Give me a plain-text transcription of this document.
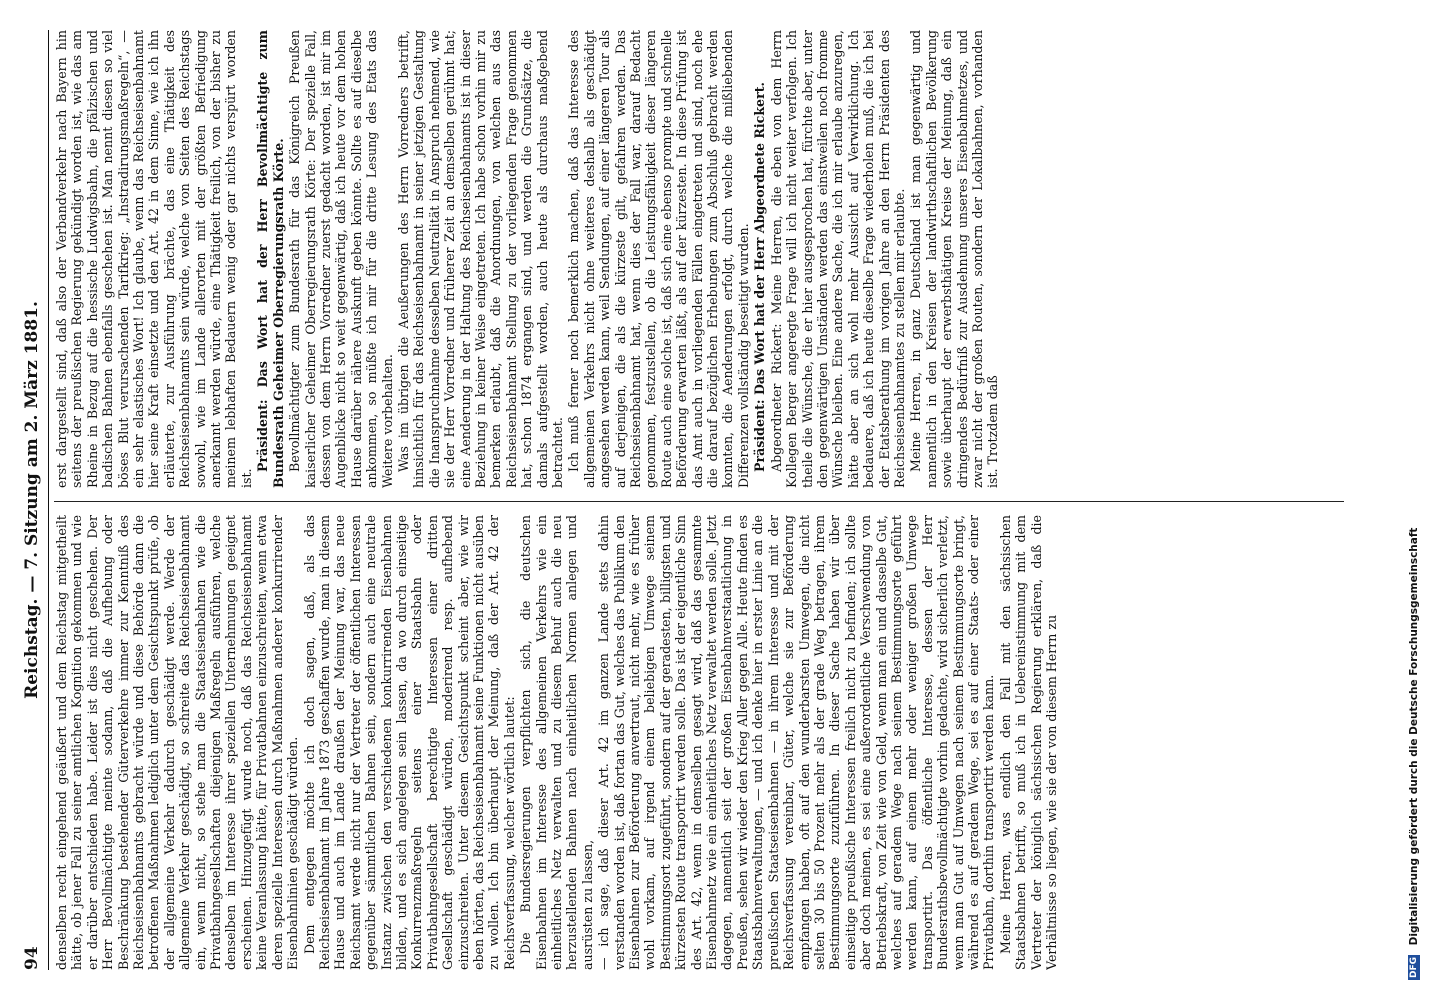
94
Reichstag. — 7. Sitzung am 2. März 1881.

denselben recht eingehend geäußert und dem Reichstag mitgetheilt hätte, ob jener Fall zu seiner amtlichen Kognition gekommen und wie er darüber entschieden habe. Leider ist dies nicht geschehen. Der Herr Bevollmächtigte meinte sodann, daß die Aufhebung oder Beschränkung bestehender Güterverkehre immer zur Kenntniß des Reichseisenbahnamts gebracht würde und diese Behörde dann die betroffenen Maßnahmen lediglich unter dem Gesichtspunkt prüfe, ob der allgemeine Verkehr dadurch geschädigt werde. Werde der allgemeine Verkehr geschädigt, so schreite das Reichseisenbahnamt ein, wenn nicht, so stehe man die Staatseisenbahnen wie die Privatbahngesellschaften diejenigen Maßregeln ausführen, welche denselben im Interesse ihrer speziellen Unternehmungen geeignet erscheinen. Hinzugefügt wurde noch, daß das Reichseisenbahnamt keine Veranlassung hätte, für Privatbahnen einzuschreiten, wenn etwa deren spezielle Interessen durch Maßnahmen anderer konkurrirender Eisenbahnlinien geschädigt würden. Dem entgegen möchte ich doch sagen, daß, als das Reichseisenbahnamt im Jahre 1873 geschaffen wurde, man in diesem Hause und auch im Lande draußen der Meinung war, das neue Reichsamt werde nicht nur der Vertreter der öffentlichen Interessen gegenüber sämmtlichen Bahnen sein, sondern auch eine neutrale Instanz zwischen den verschiedenen konkurrirenden Eisenbahnen bilden, und es sich angelegen sein lassen, da wo durch einseitige Konkurrenzmaßregeln seitens einer Staatsbahn oder Privatbahngesellschaft berechtigte Interessen einer dritten Gesellschaft geschädigt würden, moderirend resp. aufhebend einzuschreiten. Unter diesem Gesichtspunkt scheint aber, wie wir eben hörten, das Reichseisenbahnamt seine Funktionen nicht ausüben zu wollen. Ich bin überhaupt der Meinung, daß der Art. 42 der Reichsverfassung, welcher wörtlich lautet: Die Bundesregierungen verpflichten sich, die deutschen Eisenbahnen im Interesse des allgemeinen Verkehrs wie ein einheitliches Netz verwalten und zu diesem Behuf auch die neu herzustellenden Bahnen nach einheitlichen Normen anlegen und ausrüsten zu lassen, — ich sage, daß dieser Art. 42 im ganzen Lande stets dahin verstanden worden ist, daß fortan das Gut, welches das Publikum den Eisenbahnen zur Beförderung anvertraut, nicht mehr, wie es früher wohl vorkam, auf irgend einem beliebigen Umwege seinem Bestimmungsort zugeführt, sondern auf der geradesten, billigsten und kürzesten Route transportirt werden solle. Das ist der eigentliche Sinn des Art. 42, wenn in demselben gesagt wird, daß das gesammte Eisenbahnnetz wie ein einheitliches Netz verwaltet werden solle. Jetzt dagegen, namentlich seit der großen Eisenbahnverstaatlichung in Preußen, sehen wir wieder den Krieg Aller gegen Alle. Heute finden es Staatsbahnverwaltungen, — und ich denke hier in erster Linie an die preußischen Staatseisenbahnen — in ihrem Interesse und mit der Reichsverfassung vereinbar, Güter, welche sie zur Beförderung empfangen haben, oft auf den wunderbarsten Umwegen, die nicht selten 30 bis 50 Prozent mehr als der grade Weg betragen, ihrem Bestimmungsorte zuzuführen. In dieser Sache haben wir über einseitige preußische Interessen freilich nicht zu befinden; ich sollte aber doch meinen, es sei eine außerordentliche Verschwendung von Betriebskraft, von Zeit wie von Geld, wenn man ein und dasselbe Gut, welches auf geradem Wege nach seinem Bestimmungsorte geführt werden kann, auf einem mehr oder weniger großen Umwege transportirt. Das öffentliche Interesse, dessen der Herr Bundesrathsbevollmächtigte vorhin gedachte, wird sicherlich verletzt, wenn man Gut auf Umwegen nach seinem Bestimmungsorte bringt, während es auf geradem Wege, sei es auf einer Staats- oder einer Privatbahn, dorthin transportirt werden kann. Meine Herren, was endlich den Fall mit den sächsischen Staatsbahnen betrifft, so muß ich in Uebereinstimmung mit dem Vertreter der königlich sächsischen Regierung erklären, daß die Verhältnisse so liegen, wie sie der von diesem Herrn zu

erst dargestellt sind, daß also der Verbandverkehr nach Bayern hin seitens der preußischen Regierung gekündigt worden ist, wie das am Rheine in Bezug auf die hessische Ludwigsbahn, die pfälzischen und badischen Bahnen ebenfalls geschehen ist. Man nennt diesen so viel böses Blut verursachenden Tarifkrieg: „Instradirungsmaßregeln“, — ein sehr elastisches Wort! Ich glaube, wenn das Reichseisenbahnamt hier seine Kraft einsetzte und den Art. 42 in dem Sinne, wie ich ihn erläuterte, zur Ausführung brächte, das eine Thätigkeit des Reichseisenbahnamts sein würde, welche von Seiten des Reichstags sowohl, wie im Lande allerorten mit der größten Befriedigung anerkannt werden würde, eine Thätigkeit freilich, von der bisher zu meinem lebhaften Bedauern wenig oder gar nichts verspürt worden ist.

Präsident: Das Wort hat der Herr Bevollmächtigte zum Bundesrath Geheimer Oberregierungsrath Körte. Bevollmächtigter zum Bundesrath für das Königreich Preußen kaiserlicher Geheimer Oberregierungsrath Körte: Der spezielle Fall, dessen von dem Herrn Vorredner zuerst gedacht worden, ist mir im Augenblicke nicht so weit gegenwärtig, daß ich heute vor dem hohen Hause darüber nähere Auskunft geben könnte. Sollte es auf dieselbe ankommen, so müßte ich mir für die dritte Lesung des Etats das Weitere vorbehalten. Was im übrigen die Aeußerungen des Herrn Vorredners betrifft, hinsichtlich für das Reichseisenbahnamt in seiner jetzigen Gestaltung die Inanspruchnahme desselben Neutralität in Anspruch nehmend, wie sie der Herr Vorredner und früherer Zeit an demselben gerühmt hat; eine Aenderung in der Haltung des Reichseisenbahnamts ist in dieser Beziehung in keiner Weise eingetreten. Ich habe schon vorhin mir zu bemerken erlaubt, daß die Anordnungen, von welchen aus das Reichseisenbahnamt Stellung zu der vorliegenden Frage genommen hat, schon 1874 ergangen sind, und werden die Grundsätze, die damals aufgestellt worden, auch heute als durchaus maßgebend betrachtet. Ich muß ferner noch bemerklich machen, daß das Interesse des allgemeinen Verkehrs nicht ohne weiteres deshalb als geschädigt angesehen werden kann, weil Sendungen, auf einer längeren Tour als auf derjenigen, die als die kürzeste gilt, gefahren werden. Das Reichseisenbahnamt hat, wenn dies der Fall war, darauf Bedacht genommen, festzustellen, ob die Leistungsfähigkeit dieser längeren Route auch eine solche ist, daß sich eine ebenso prompte und schnelle Beförderung erwarten läßt, als auf der kürzesten. In diese Prüfung ist das Amt auch in vorliegenden Fällen eingetreten und sind, noch ehe die darauf bezüglichen Erhebungen zum Abschluß gebracht werden konnten, die Aenderungen erfolgt, durch welche die mißliebenden Differenzen vollständig beseitigt wurden. Präsident: Das Wort hat der Herr Abgeordnete Rickert. Abgeordneter Rickert: Meine Herren, die eben von dem Herrn Kollegen Berger angeregte Frage will ich nicht weiter verfolgen. Ich theile die Wünsche, die er hier ausgesprochen hat, fürchte aber, unter den gegenwärtigen Umständen werden das einstweilen noch fromme Wünsche bleiben. Eine andere Sache, die ich mir erlaube anzuregen, hätte aber an sich wohl mehr Aussicht auf Verwirklichung. Ich bedauere, daß ich heute dieselbe Frage wiederholen muß, die ich bei der Etatsberathung im vorigen Jahre an den Herrn Präsidenten des Reichseisenbahnamtes zu stellen mir erlaubte. Meine Herren, in ganz Deutschland ist man gegenwärtig und namentlich in den Kreisen der landwirthschaftlichen Bevölkerung sowie überhaupt der erwerbsthätigen Kreise der Meinung, daß ein dringendes Bedürfniß zur Ausdehnung unseres Eisenbahnnetzes, und zwar nicht der großen Routen, sondern der Lokalbahnen, vorhanden ist. Trotzdem daß

DFG Digitalisierung gefördert durch die Deutsche Forschungsgemeinschaft
